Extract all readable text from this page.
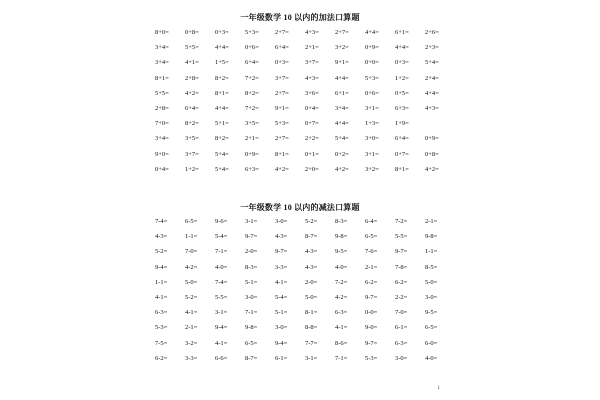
一年级数学 10 以内的加法口算题
8+0=	0+8=	0+3=	5+3=	2+7=	4+3=	2+7=	4+4=	6+1=	2+6=
3+4=	5+5=	4+4=	0+6=	6+4=	2+1=	3+2=	0+9=	4+4=	2+3=
3+4=	4+1=	1+5=	6+4=	0+3=	3+7=	9+1=	0+0=	0+3=	5+4=
8+1=	2+8=	8+2=	7+2=	3+7=	4+3=	4+4=	5+3=	1+2=	2+4=
5+5=	4+2=	8+1=	8+2=	2+7=	3+6=	6+1=	0+6=	0+5=	4+4=
2+8=	6+4=	4+4=	7+2=	9+1=	0+4=	3+4=	3+1=	6+3=	4+3=
7+0=	8+2=	5+1=	3+5=	5+3=	0+7=	4+4=	1+3=	1+9=
3+4=	3+5=	8+2=	2+1=	2+7=	2+2=	5+4=	3+0=	6+4=	0+9=
9+0=	3+7=	5+4=	0+9=	8+1=	0+1=	0+2=	3+1=	0+7=	0+8=
0+4=	1+2=	5+4=	6+3=	4+2=	2+0=	4+2=	3+2=	8+1=	4+2=
一年级数学 10 以内的减法口算题
7-4=	6-5=	9-6=	3-1=	3-0=	5-2=	8-3=	6-4=	7-2=	2-1=
4-3=	1-1=	5-4=	9-7=	4-3=	8-7=	9-8=	6-5=	5-5=	9-8=
5-2=	7-0=	7-1=	2-0=	9-7=	4-3=	9-5=	7-6=	9-7=	1-1=
9-4=	4-2=	4-0=	8-3=	3-3=	4-3=	4-0=	2-1=	7-8=	8-5=
1-1=	5-0=	7-4=	5-1=	4-1=	2-0=	7-2=	6-2=	6-2=	5-0=
4-1=	5-2=	5-5=	3-0=	5-4=	5-0=	4-2=	9-7=	2-2=	3-0=
6-3=	4-1=	3-1=	7-1=	5-1=	8-1=	6-3=	0-0=	7-0=	9-5=
5-3=	2-1=	9-4=	9-8=	3-0=	8-8=	4-1=	9-0=	6-1=	6-5=
7-5=	3-2=	4-1=	6-5=	9-4=	7-7=	8-6=	9-7=	6-3=	6-0=
6-2=	3-3=	6-6=	8-7=	6-1=	3-1=	7-1=	5-3=	3-0=	4-0=
1
